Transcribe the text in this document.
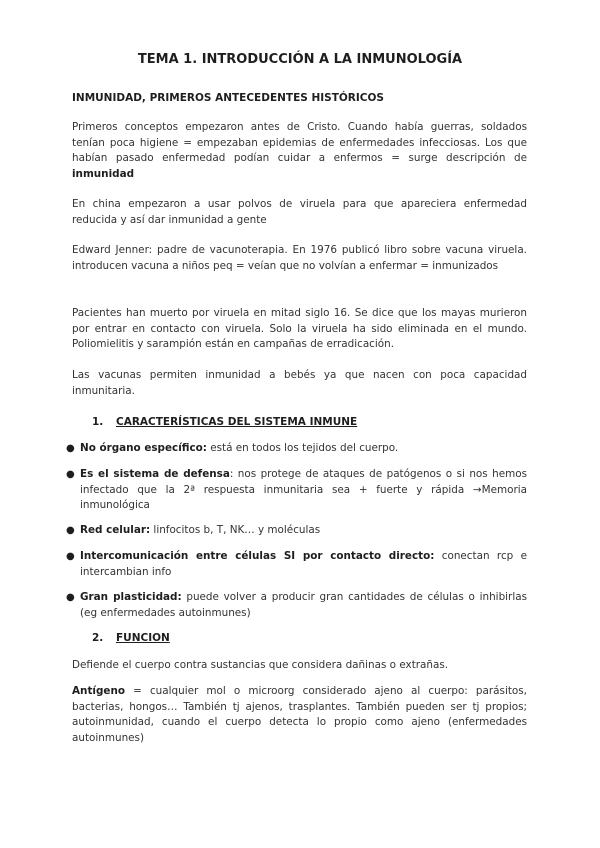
TEMA 1. INTRODUCCIÓN A LA INMUNOLOGÍA
INMUNIDAD, PRIMEROS ANTECEDENTES HISTÓRICOS
Primeros conceptos empezaron antes de Cristo. Cuando había guerras, soldados tenían poca higiene = empezaban epidemias de enfermedades infecciosas. Los que habían pasado enfermedad podían cuidar a enfermos = surge descripción de inmunidad
En china empezaron a usar polvos de viruela para que apareciera enfermedad reducida y así dar inmunidad a gente
Edward Jenner: padre de vacunoterapia. En 1976 publicó libro sobre vacuna viruela. introducen vacuna a niños peq = veían que no volvían a enfermar = inmunizados
Pacientes han muerto por viruela en mitad siglo 16. Se dice que los mayas murieron por entrar en contacto con viruela. Solo la viruela ha sido eliminada en el mundo. Poliomielitis y sarampión están en campañas de erradicación.
Las vacunas permiten inmunidad a bebés ya que nacen con poca capacidad inmunitaria.
1. CARACTERÍSTICAS DEL SISTEMA INMUNE
● No órgano específico: está en todos los tejidos del cuerpo.
● Es el sistema de defensa: nos protege de ataques de patógenos o si nos hemos infectado que la 2ª respuesta inmunitaria sea + fuerte y rápida →Memoria inmunológica
● Red celular: linfocitos b, T, NK… y moléculas
● Intercomunicación entre células SI por contacto directo: conectan rcp e intercambian info
● Gran plasticidad: puede volver a producir gran cantidades de células o inhibirlas (eg enfermedades autoinmunes)
2. FUNCION
Defiende el cuerpo contra sustancias que considera dañinas o extrañas.
Antígeno = cualquier mol o microorg considerado ajeno al cuerpo: parásitos, bacterias, hongos… También tj ajenos, trasplantes. También pueden ser tj propios; autoinmunidad, cuando el cuerpo detecta lo propio como ajeno (enfermedades autoinmunes)
